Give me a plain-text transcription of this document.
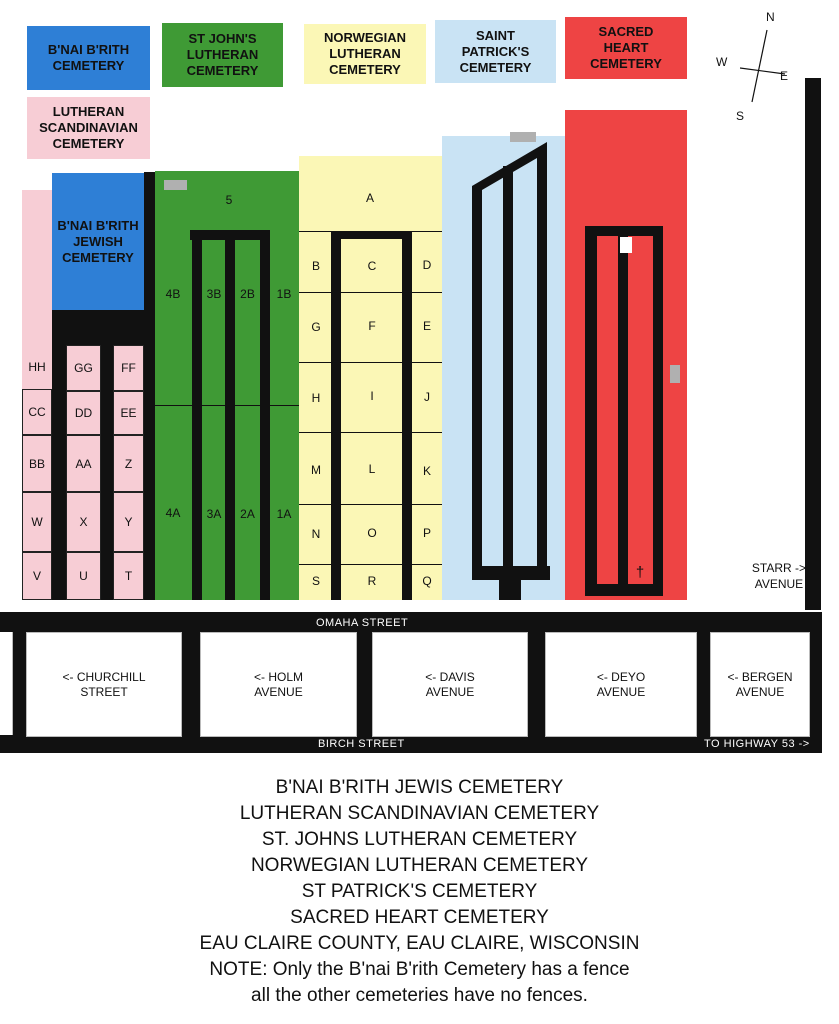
B'NAI B'RITH
CEMETERY
ST JOHN'S
LUTHERAN
CEMETERY
NORWEGIAN
LUTHERAN
CEMETERY
SAINT
PATRICK'S
CEMETERY
SACRED
HEART
CEMETERY
LUTHERAN
SCANDINAVIAN
CEMETERY
N
W
E
S
B'NAI B'RITH
JEWISH
CEMETERY
HH	GG	FF
CC	DD	EE
BB	AA	Z
W	X	Y
V	U	T
5
4B	3B	2B	1B
4A	3A	2A	1A
A
B	C	D
G	F	E
H	I	J
M	L	K
N	O	P
S	R	Q
†
OMAHA STREET
BIRCH STREET	TO HIGHWAY 53 ->
STARR ->
AVENUE
<- CHURCHILL
STREET
<- HOLM
AVENUE
<- DAVIS
AVENUE
<- DEYO
AVENUE
<- BERGEN
AVENUE
B'NAI B'RITH JEWIS CEMETERY
LUTHERAN SCANDINAVIAN CEMETERY
ST. JOHNS LUTHERAN CEMETERY
NORWEGIAN LUTHERAN CEMETERY
ST PATRICK'S CEMETERY
SACRED HEART CEMETERY
EAU CLAIRE COUNTY, EAU CLAIRE, WISCONSIN
NOTE: Only the B'nai B'rith Cemetery has a fence
all the other cemeteries have no fences.
